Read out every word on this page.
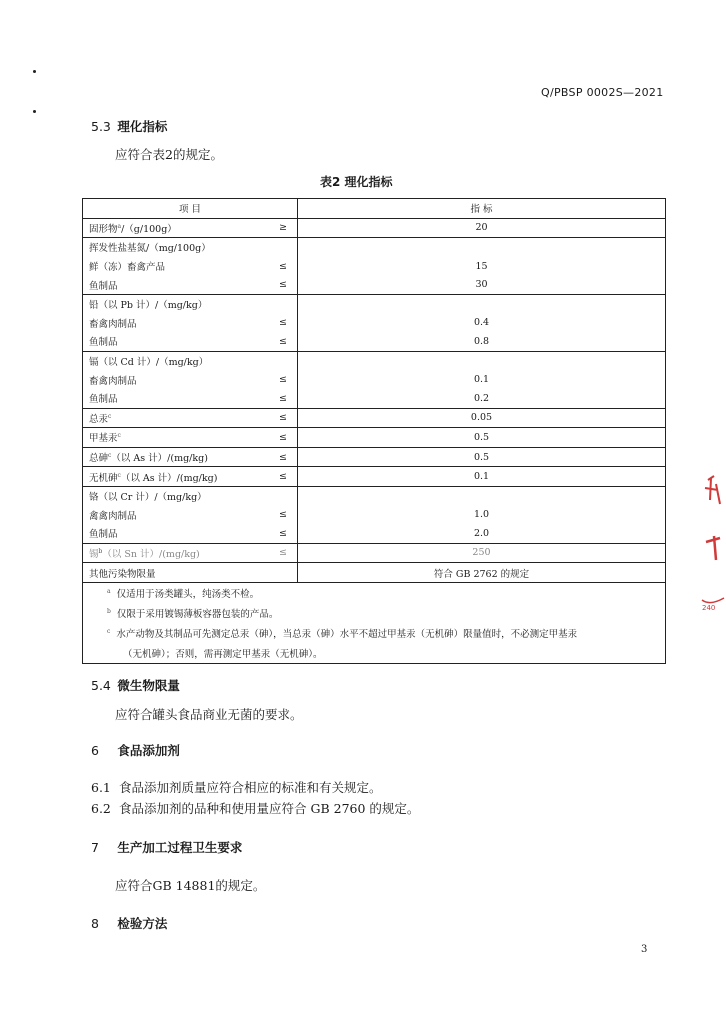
Q/PBSP 0002S—2021
5.3 理化指标
应符合表2的规定。
表2 理化指标
项 目		指 标
固形物$^a$/（g/100g）	≥	20
挥发性盐基氮/（mg/100g）		
鲜（冻）畜禽产品	≤	15
鱼制品	≤	30
铅（以 Pb 计）/（mg/kg）		
畜禽肉制品	≤	0.4
鱼制品	≤	0.8
镉（以 Cd 计）/（mg/kg）		
畜禽肉制品	≤	0.1
鱼制品	≤	0.2
总汞$^c$	≤	0.05
甲基汞$^c$	≤	0.5
总砷$^c$（以 As 计）/(mg/kg)	≤	0.5
无机砷$^c$（以 As 计）/(mg/kg)	≤	0.1
铬（以 Cr 计）/（mg/kg）		
禽禽肉制品	≤	1.0
鱼制品	≤	2.0
锡$^b$（以 Sn 计）/(mg/kg)	≤	250
其他污染物限量		符合 GB 2762 的规定
$^a$ 仅适用于汤类罐头，纯汤类不检。		
$^b$ 仅限于采用镀锡薄板容器包装的产品。		
$^c$ 水产动物及其制品可先测定总汞（砷），当总汞（砷）水平不超过甲基汞（无机砷）限量值时，不必测定甲基汞		
（无机砷）；否则，需再测定甲基汞（无机砷）。		
5.4 微生物限量
应符合罐头食品商业无菌的要求。
6 食品添加剂
6.1 食品添加剂质量应符合相应的标准和有关规定。
6.2 食品添加剂的品种和使用量应符合 GB 2760 的规定。
7 生产加工过程卫生要求
应符合GB 14881的规定。
8 检验方法
3
240
